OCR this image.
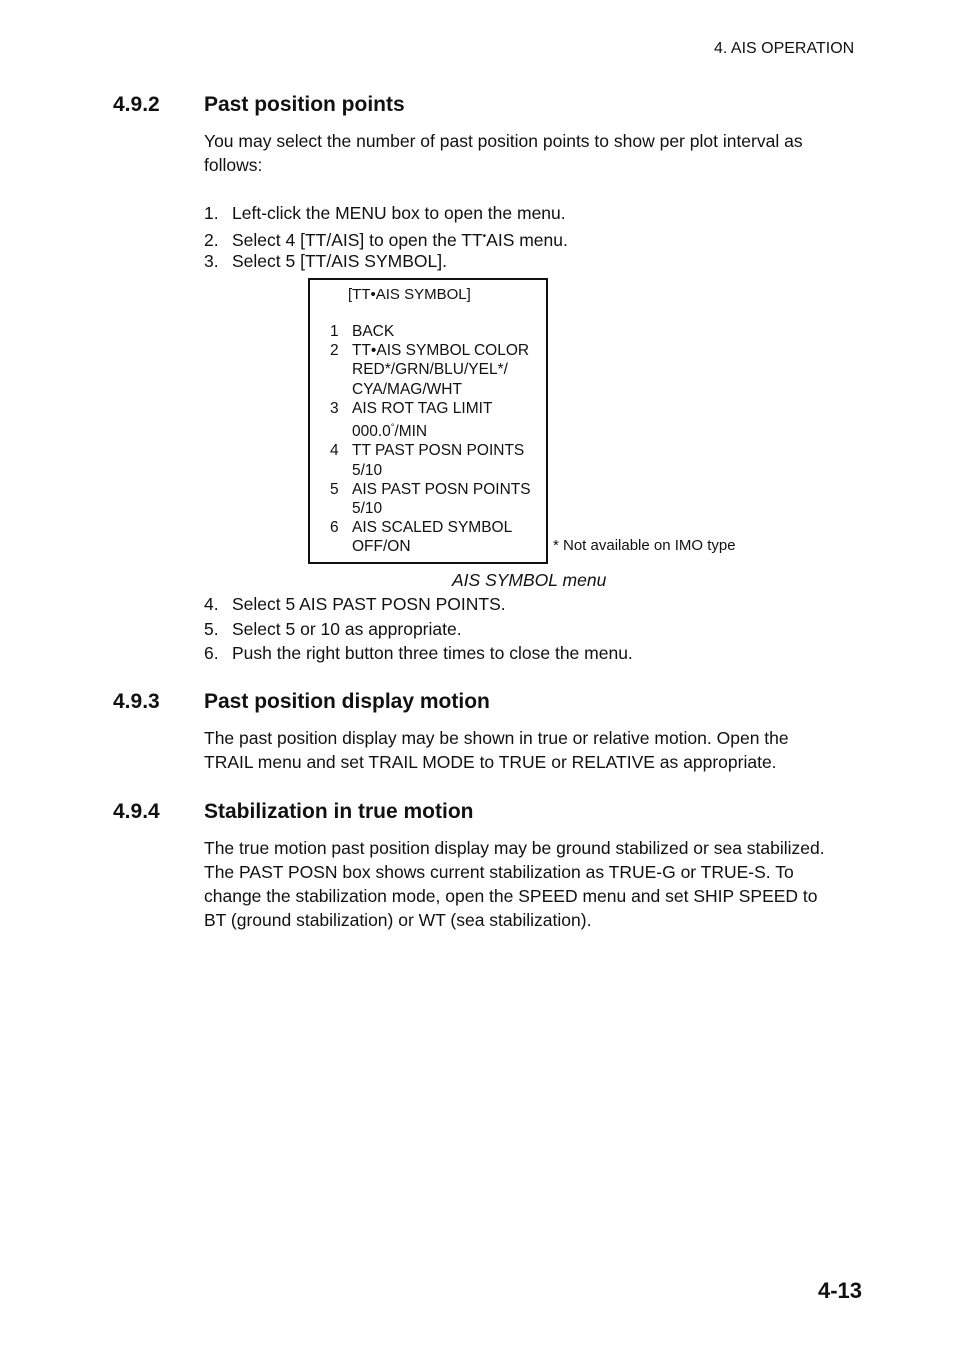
4. AIS OPERATION
4.9.2 Past position points
You may select the number of past position points to show per plot interval as
follows:
1. Left-click the MENU box to open the menu.
2. Select 4 [TT/AIS] to open the TT•AIS menu.
3. Select 5 [TT/AIS SYMBOL].
[TT•AIS SYMBOL]
1 BACK
2 TT•AIS SYMBOL COLOR
RED*/GRN/BLU/YEL*/
CYA/MAG/WHT
3 AIS ROT TAG LIMIT
000.0°/MIN
4 TT PAST POSN POINTS
5/10
5 AIS PAST POSN POINTS
5/10
6 AIS SCALED SYMBOL
OFF/ON	* Not available on IMO type
AIS SYMBOL menu
4. Select 5 AIS PAST POSN POINTS.
5. Select 5 or 10 as appropriate.
6. Push the right button three times to close the menu.
4.9.3 Past position display motion
The past position display may be shown in true or relative motion. Open the
TRAIL menu and set TRAIL MODE to TRUE or RELATIVE as appropriate.
4.9.4 Stabilization in true motion
The true motion past position display may be ground stabilized or sea stabilized.
The PAST POSN box shows current stabilization as TRUE-G or TRUE-S. To
change the stabilization mode, open the SPEED menu and set SHIP SPEED to
BT (ground stabilization) or WT (sea stabilization).
4-13
